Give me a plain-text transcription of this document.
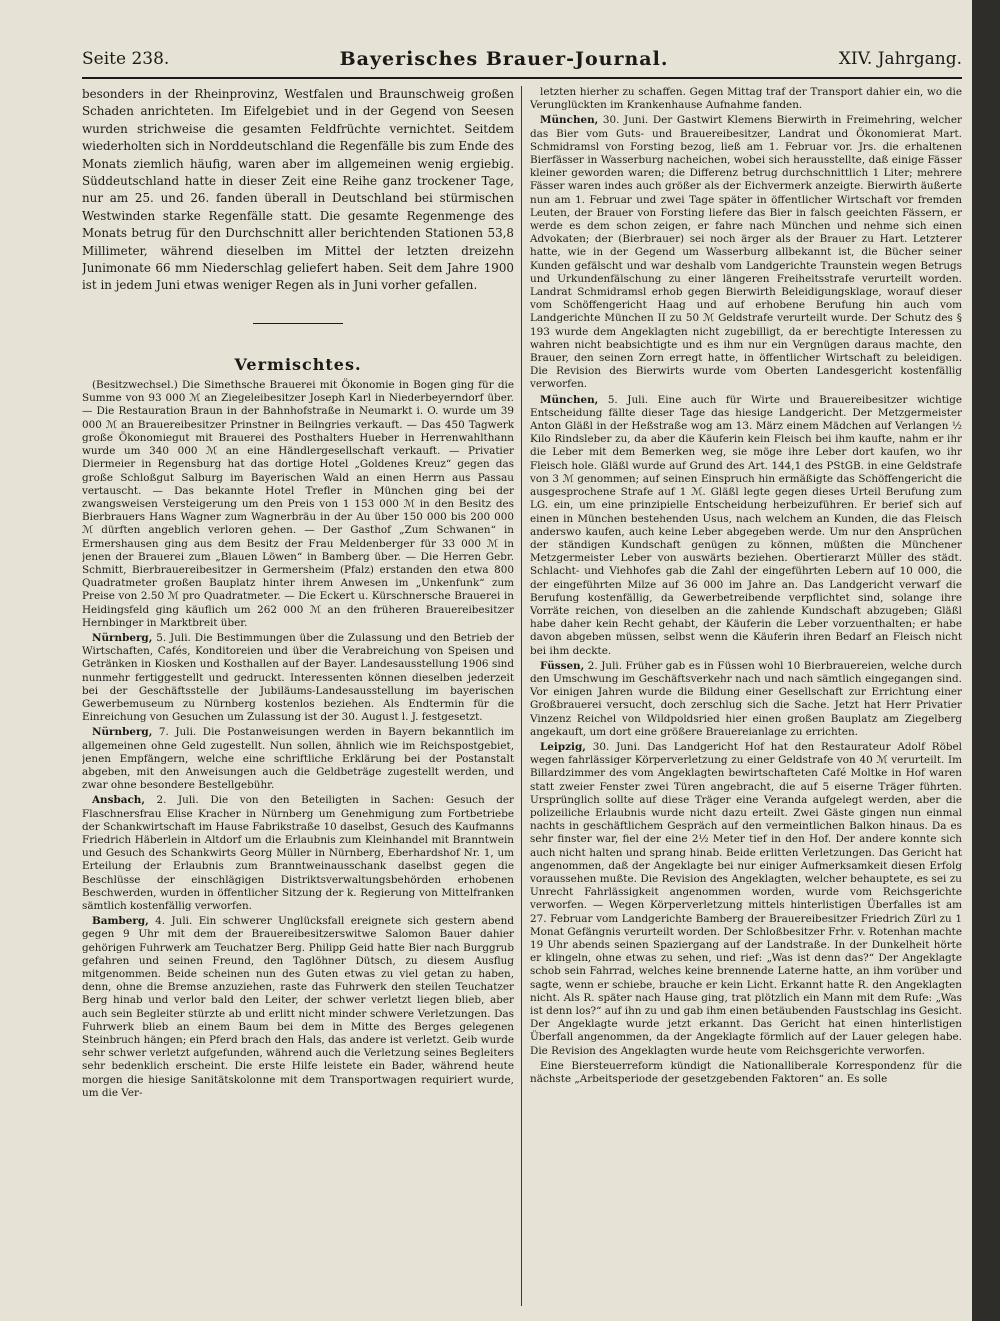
Seite 238.	Bayerisches Brauer-Journal.	XIV. Jahrgang.

besonders in der Rheinprovinz, Westfalen und Braunschweig großen Schaden anrichteten. Im Eifelgebiet und in der Gegend von Seesen wurden strichweise die gesamten Feldfrüchte vernichtet. Seitdem wiederholten sich in Norddeutschland die Regenfälle bis zum Ende des Monats ziemlich häufig, waren aber im allgemeinen wenig ergiebig. Süddeutschland hatte in dieser Zeit eine Reihe ganz trockener Tage, nur am 25. und 26. fanden überall in Deutschland bei stürmischen Westwinden starke Regenfälle statt. Die gesamte Regenmenge des Monats betrug für den Durchschnitt aller berichtenden Stationen 53,8 Millimeter, während dieselben im Mittel der letzten dreizehn Junimonate 66 mm Niederschlag geliefert haben. Seit dem Jahre 1900 ist in jedem Juni etwas weniger Regen als in Juni vorher gefallen.

Vermischtes.

(Besitzwechsel.) Die Simethsche Brauerei mit Ökonomie in Bogen ging für die Summe von 93 000 ℳ an Ziegeleibesitzer Joseph Karl in Niederbeyerndorf über. — Die Restauration Braun in der Bahnhofstraße in Neumarkt i. O. wurde um 39 000 ℳ an Brauereibesitzer Prinstner in Beilngries verkauft. — Das 450 Tagwerk große Ökonomiegut mit Brauerei des Posthalters Hueber in Herrenwahlthann wurde um 340 000 ℳ an eine Händlergesellschaft verkauft. — Privatier Diermeier in Regensburg hat das dortige Hotel „Goldenes Kreuz“ gegen das große Schloßgut Salburg im Bayerischen Wald an einen Herrn aus Passau vertauscht. — Das bekannte Hotel Trefler in München ging bei der zwangsweisen Versteigerung um den Preis von 1 153 000 ℳ in den Besitz des Bierbrauers Hans Wagner zum Wagnerbräu in der Au über 150 000 bis 200 000 ℳ dürften angeblich verloren gehen. — Der Gasthof „Zum Schwanen“ in Ermershausen ging aus dem Besitz der Frau Meldenberger für 33 000 ℳ in jenen der Brauerei zum „Blauen Löwen“ in Bamberg über. — Die Herren Gebr. Schmitt, Bierbrauereibesitzer in Germersheim (Pfalz) erstanden den etwa 800 Quadratmeter großen Bauplatz hinter ihrem Anwesen im „Unkenfunk“ zum Preise von 2.50 ℳ pro Quadratmeter. — Die Eckert u. Kürschnersche Brauerei in Heidingsfeld ging käuflich um 262 000 ℳ an den früheren Brauereibesitzer Hernbinger in Marktbreit über.

Nürnberg, 5. Juli. Die Bestimmungen über die Zulassung und den Betrieb der Wirtschaften, Cafés, Konditoreien und über die Verabreichung von Speisen und Getränken in Kiosken und Kosthallen auf der Bayer. Landesausstellung 1906 sind nunmehr fertiggestellt und gedruckt. Interessenten können dieselben jederzeit bei der Geschäftsstelle der Jubiläums-Landesausstellung im bayerischen Gewerbemuseum zu Nürnberg kostenlos beziehen. Als Endtermin für die Einreichung von Gesuchen um Zulassung ist der 30. August l. J. festgesetzt.

Nürnberg, 7. Juli. Die Postanweisungen werden in Bayern bekanntlich im allgemeinen ohne Geld zugestellt. Nun sollen, ähnlich wie im Reichspostgebiet, jenen Empfängern, welche eine schriftliche Erklärung bei der Postanstalt abgeben, mit den Anweisungen auch die Geldbeträge zugestellt werden, und zwar ohne besondere Bestellgebühr.

Ansbach, 2. Juli. Die von den Beteiligten in Sachen: Gesuch der Flaschnersfrau Elise Kracher in Nürnberg um Genehmigung zum Fortbetriebe der Schankwirtschaft im Hause Fabrikstraße 10 daselbst, Gesuch des Kaufmanns Friedrich Häberlein in Altdorf um die Erlaubnis zum Kleinhandel mit Branntwein und Gesuch des Schankwirts Georg Müller in Nürnberg, Eberhardshof Nr. 1, um Erteilung der Erlaubnis zum Branntweinausschank daselbst gegen die Beschlüsse der einschlägigen Distriktsverwaltungsbehörden erhobenen Beschwerden, wurden in öffentlicher Sitzung der k. Regierung von Mittelfranken sämtlich kostenfällig verworfen.

Bamberg, 4. Juli. Ein schwerer Unglücksfall ereignete sich gestern abend gegen 9 Uhr mit dem der Brauereibesitzerswitwe Salomon Bauer dahier gehörigen Fuhrwerk am Teuchatzer Berg. Philipp Geid hatte Bier nach Burggrub gefahren und seinen Freund, den Taglöhner Dütsch, zu diesem Ausflug mitgenommen. Beide scheinen nun des Guten etwas zu viel getan zu haben, denn, ohne die Bremse anzuziehen, raste das Fuhrwerk den steilen Teuchatzer Berg hinab und verlor bald den Leiter, der schwer verletzt liegen blieb, aber auch sein Begleiter stürzte ab und erlitt nicht minder schwere Verletzungen. Das Fuhrwerk blieb an einem Baum bei dem in Mitte des Berges gelegenen Steinbruch hängen; ein Pferd brach den Hals, das andere ist verletzt. Geib wurde sehr schwer verletzt aufgefunden, während auch die Verletzung seines Begleiters sehr bedenklich erscheint. Die erste Hilfe leistete ein Bader, während heute morgen die hiesige Sanitätskolonne mit dem Transportwagen requiriert wurde, um die Ver-

letzten hierher zu schaffen. Gegen Mittag traf der Transport dahier ein, wo die Verunglückten im Krankenhause Aufnahme fanden.

München, 30. Juni. Der Gastwirt Klemens Bierwirth in Freimehring, welcher das Bier vom Guts- und Brauereibesitzer, Landrat und Ökonomierat Mart. Schmidramsl von Forsting bezog, ließ am 1. Februar vor. Jrs. die erhaltenen Bierfässer in Wasserburg nacheichen, wobei sich herausstellte, daß einige Fässer kleiner geworden waren; die Differenz betrug durchschnittlich 1 Liter; mehrere Fässer waren indes auch größer als der Eichvermerk anzeigte. Bierwirth äußerte nun am 1. Februar und zwei Tage später in öffentlicher Wirtschaft vor fremden Leuten, der Brauer von Forsting liefere das Bier in falsch geeichten Fässern, er werde es dem schon zeigen, er fahre nach München und nehme sich einen Advokaten; der (Bierbrauer) sei noch ärger als der Brauer zu Hart. Letzterer hatte, wie in der Gegend um Wasserburg allbekannt ist, die Bücher seiner Kunden gefälscht und war deshalb vom Landgerichte Traunstein wegen Betrugs und Urkundenfälschung zu einer längeren Freiheitsstrafe verurteilt worden. Landrat Schmidramsl erhob gegen Bierwirth Beleidigungsklage, worauf dieser vom Schöffengericht Haag und auf erhobene Berufung hin auch vom Landgerichte München II zu 50 ℳ Geldstrafe verurteilt wurde. Der Schutz des § 193 wurde dem Angeklagten nicht zugebilligt, da er berechtigte Interessen zu wahren nicht beabsichtigte und es ihm nur ein Vergnügen daraus machte, den Brauer, den seinen Zorn erregt hatte, in öffentlicher Wirtschaft zu beleidigen. Die Revision des Bierwirts wurde vom Oberten Landesgericht kostenfällig verworfen.

München, 5. Juli. Eine auch für Wirte und Brauereibesitzer wichtige Entscheidung fällte dieser Tage das hiesige Landgericht. Der Metzgermeister Anton Gläßl in der Heßstraße wog am 13. März einem Mädchen auf Verlangen ½ Kilo Rindsleber zu, da aber die Käuferin kein Fleisch bei ihm kaufte, nahm er ihr die Leber mit dem Bemerken weg, sie möge ihre Leber dort kaufen, wo ihr Fleisch hole. Gläßl wurde auf Grund des Art. 144,1 des PStGB. in eine Geldstrafe von 3 ℳ genommen; auf seinen Einspruch hin ermäßigte das Schöffengericht die ausgesprochene Strafe auf 1 ℳ. Gläßl legte gegen dieses Urteil Berufung zum LG. ein, um eine prinzipielle Entscheidung herbeizuführen. Er berief sich auf einen in München bestehenden Usus, nach welchem an Kunden, die das Fleisch anderswo kaufen, auch keine Leber abgegeben werde. Um nur den Ansprüchen der ständigen Kundschaft genügen zu können, müßten die Münchener Metzgermeister Leber von auswärts beziehen. Obertierarzt Müller des städt. Schlacht- und Viehhofes gab die Zahl der eingeführten Lebern auf 10 000, die der eingeführten Milze auf 36 000 im Jahre an. Das Landgericht verwarf die Berufung kostenfällig, da Gewerbetreibende verpflichtet sind, solange ihre Vorräte reichen, von dieselben an die zahlende Kundschaft abzugeben; Gläßl habe daher kein Recht gehabt, der Käuferin die Leber vorzuenthalten; er habe davon abgeben müssen, selbst wenn die Käuferin ihren Bedarf an Fleisch nicht bei ihm deckte.

Füssen, 2. Juli. Früher gab es in Füssen wohl 10 Bierbrauereien, welche durch den Umschwung im Geschäftsverkehr nach und nach sämtlich eingegangen sind. Vor einigen Jahren wurde die Bildung einer Gesellschaft zur Errichtung einer Großbrauerei versucht, doch zerschlug sich die Sache. Jetzt hat Herr Privatier Vinzenz Reichel von Wildpoldsried hier einen großen Bauplatz am Ziegelberg angekauft, um dort eine größere Brauereianlage zu errichten.

Leipzig, 30. Juni. Das Landgericht Hof hat den Restaurateur Adolf Röbel wegen fahrlässiger Körperverletzung zu einer Geldstrafe von 40 ℳ verurteilt. Im Billardzimmer des vom Angeklagten bewirtschafteten Café Moltke in Hof waren statt zweier Fenster zwei Türen angebracht, die auf 5 eiserne Träger führten. Ursprünglich sollte auf diese Träger eine Veranda aufgelegt werden, aber die polizeiliche Erlaubnis wurde nicht dazu erteilt. Zwei Gäste gingen nun einmal nachts in geschäftlichem Gespräch auf den vermeintlichen Balkon hinaus. Da es sehr finster war, fiel der eine 2½ Meter tief in den Hof. Der andere konnte sich auch nicht halten und sprang hinab. Beide erlitten Verletzungen. Das Gericht hat angenommen, daß der Angeklagte bei nur einiger Aufmerksamkeit diesen Erfolg voraussehen mußte. Die Revision des Angeklagten, welcher behauptete, es sei zu Unrecht Fahrlässigkeit angenommen worden, wurde vom Reichsgerichte verworfen. — Wegen Körperverletzung mittels hinterlistigen Überfalles ist am 27. Februar vom Landgerichte Bamberg der Brauereibesitzer Friedrich Zürl zu 1 Monat Gefängnis verurteilt worden. Der Schloßbesitzer Frhr. v. Rotenhan machte 19 Uhr abends seinen Spaziergang auf der Landstraße. In der Dunkelheit hörte er klingeln, ohne etwas zu sehen, und rief: „Was ist denn das?“ Der Angeklagte schob sein Fahrrad, welches keine brennende Laterne hatte, an ihm vorüber und sagte, wenn er schiebe, brauche er kein Licht. Erkannt hatte R. den Angeklagten nicht. Als R. später nach Hause ging, trat plötzlich ein Mann mit dem Rufe: „Was ist denn los?“ auf ihn zu und gab ihm einen betäubenden Faustschlag ins Gesicht. Der Angeklagte wurde jetzt erkannt. Das Gericht hat einen hinterlistigen Überfall angenommen, da der Angeklagte förmlich auf der Lauer gelegen habe. Die Revision des Angeklagten wurde heute vom Reichsgerichte verworfen.

Eine Biersteuerreform kündigt die Nationalliberale Korrespondenz für die nächste „Arbeitsperiode der gesetzgebenden Faktoren“ an. Es solle
